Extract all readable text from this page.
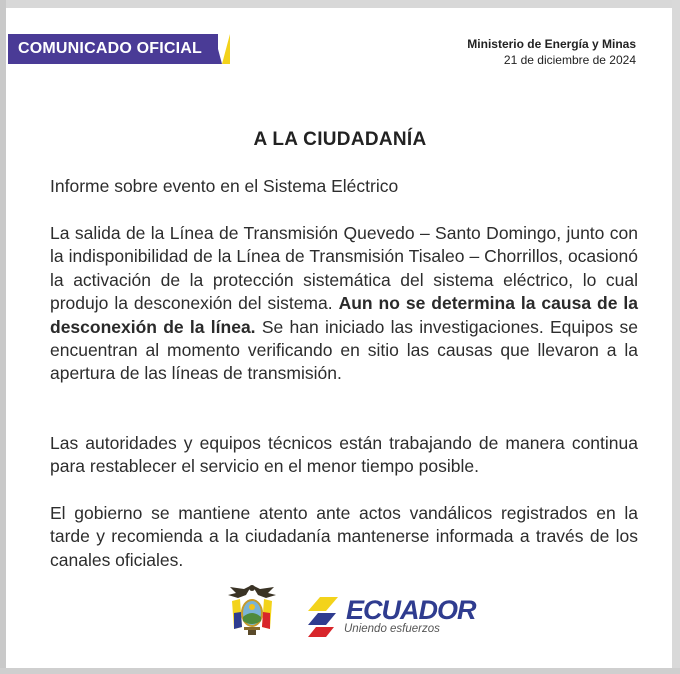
COMUNICADO OFICIAL	Ministerio de Energía y Minas
21 de diciembre de 2024
A LA CIUDADANÍA
Informe sobre evento en el Sistema Eléctrico

La salida de la Línea de Transmisión Quevedo – Santo Domingo, junto con la indisponibilidad de la Línea de Transmisión Tisaleo – Chorrillos, ocasionó la activación de la protección sistemática del sistema eléctrico, lo cual produjo la desconexión del sistema. Aun no se determina la causa de la desconexión de la línea. Se han iniciado las investigaciones. Equipos se encuentran al momento verificando en sitio las causas que llevaron a la apertura de las líneas de transmisión.

Las autoridades y equipos técnicos están trabajando de manera continua para restablecer el servicio en el menor tiempo posible.

El gobierno se mantiene atento ante actos vandálicos registrados en la tarde y recomienda a la ciudadanía mantenerse informada a través de los canales oficiales.

ECUADOR
Uniendo esfuerzos
